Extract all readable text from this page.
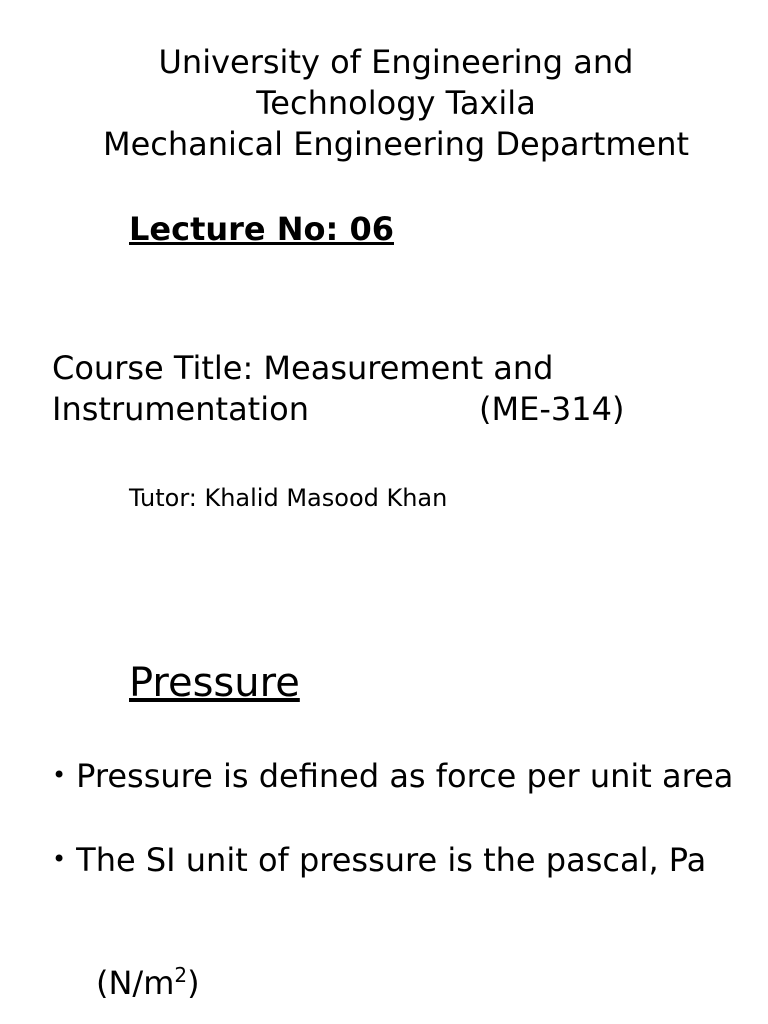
University of Engineering and
Technology Taxila
Mechanical Engineering Department
Lecture No: 06
Course Title: Measurement and
Instrumentation	(ME-314)
Tutor: Khalid Masood Khan
Pressure
• Pressure is defined as force per unit area
• The SI unit of pressure is the pascal, Pa
$(N/m^2)$
